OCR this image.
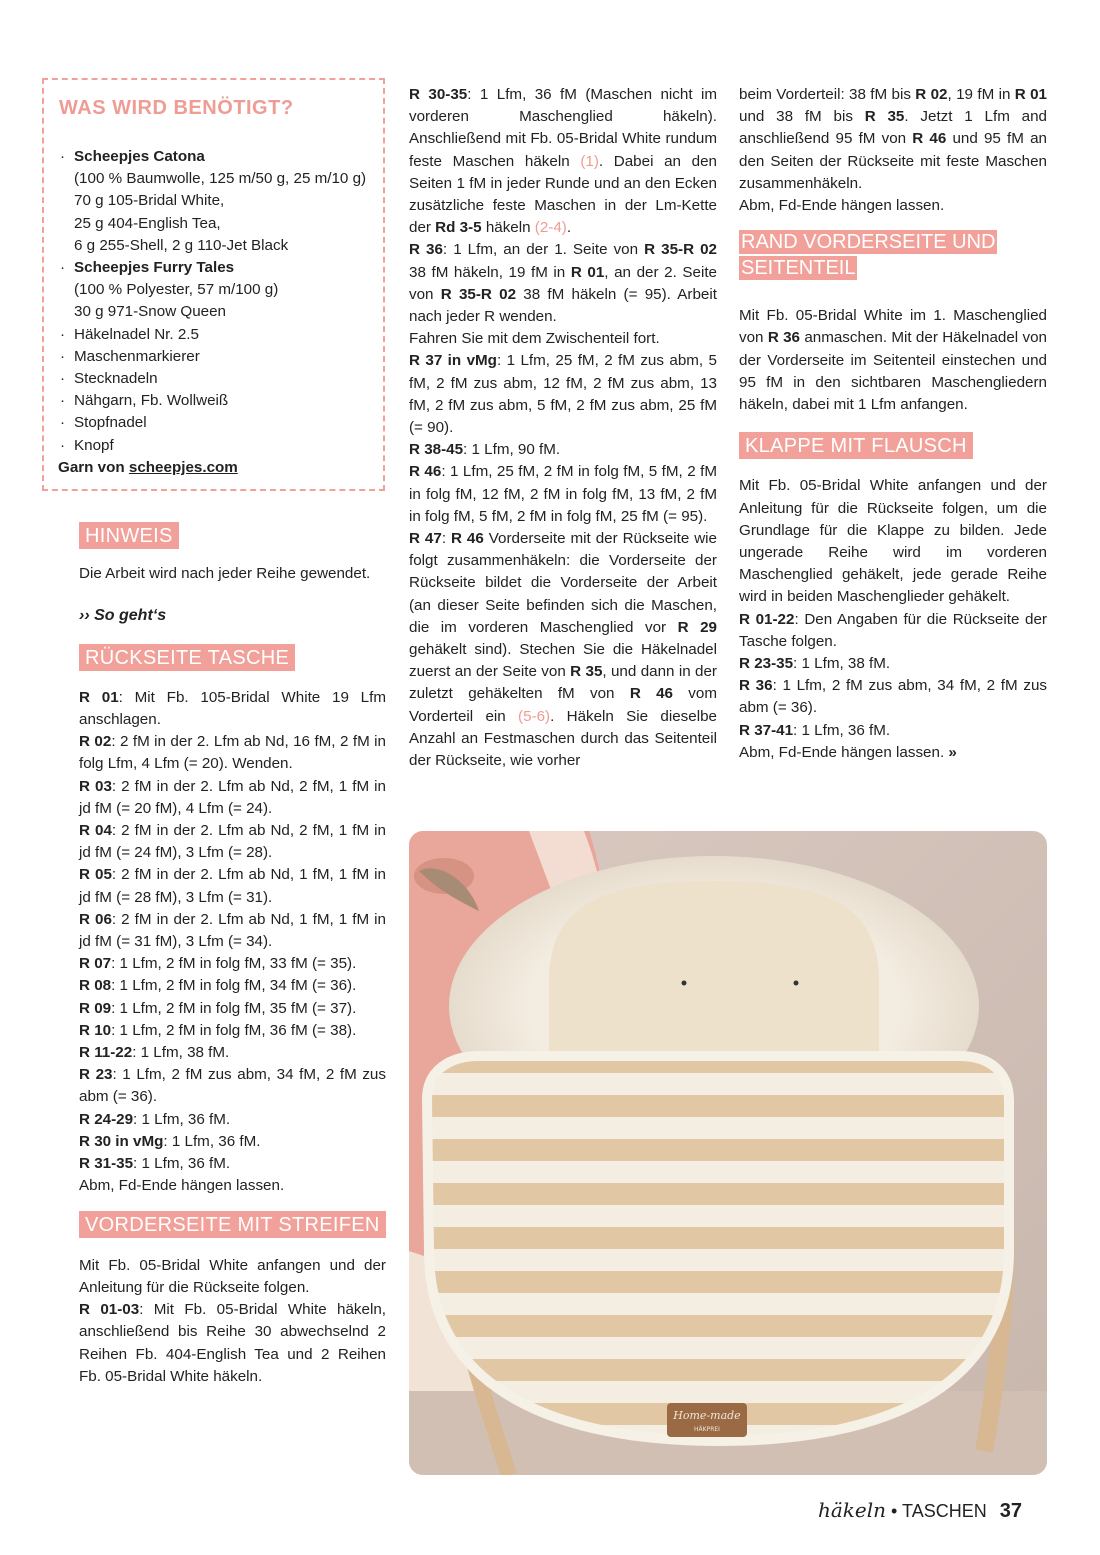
WAS WIRD BENÖTIGT?
· Scheepjes Catona
(100 % Baumwolle, 125 m/50 g, 25 m/10 g)
70 g 105-Bridal White,
25 g 404-English Tea,
6 g 255-Shell, 2 g 110-Jet Black
· Scheepjes Furry Tales
(100 % Polyester, 57 m/100 g)
30 g 971-Snow Queen
· Häkelnadel Nr. 2.5
· Maschenmarkierer
· Stecknadeln
· Nähgarn, Fb. Wollweiß
· Stopfnadel
· Knopf
Garn von scheepjes.com
HINWEIS

Die Arbeit wird nach jeder Reihe gewendet.

›› So geht‘s

RÜCKSEITE TASCHE

R 01: Mit Fb. 105-Bridal White 19 Lfm anschlagen.

R 02: 2 fM in der 2. Lfm ab Nd, 16 fM, 2 fM in folg Lfm, 4 Lfm (= 20). Wenden.

R 03: 2 fM in der 2. Lfm ab Nd, 2 fM, 1 fM in jd fM (= 20 fM), 4 Lfm (= 24).

R 04: 2 fM in der 2. Lfm ab Nd, 2 fM, 1 fM in jd fM (= 24 fM), 3 Lfm (= 28).

R 05: 2 fM in der 2. Lfm ab Nd, 1 fM, 1 fM in jd fM (= 28 fM), 3 Lfm (= 31).

R 06: 2 fM in der 2. Lfm ab Nd, 1 fM, 1 fM in jd fM (= 31 fM), 3 Lfm (= 34).

R 07: 1 Lfm, 2 fM in folg fM, 33 fM (= 35).

R 08: 1 Lfm, 2 fM in folg fM, 34 fM (= 36).

R 09: 1 Lfm, 2 fM in folg fM, 35 fM (= 37).

R 10: 1 Lfm, 2 fM in folg fM, 36 fM (= 38).

R 11-22: 1 Lfm, 38 fM.

R 23: 1 Lfm, 2 fM zus abm, 34 fM, 2 fM zus abm (= 36).

R 24-29: 1 Lfm, 36 fM.

R 30 in vMg: 1 Lfm, 36 fM.

R 31-35: 1 Lfm, 36 fM.

Abm, Fd-Ende hängen lassen.

VORDERSEITE MIT STREIFEN

Mit Fb. 05-Bridal White anfangen und der Anleitung für die Rückseite folgen.

R 01-03: Mit Fb. 05-Bridal White häkeln, anschließend bis Reihe 30 abwechselnd 2 Reihen Fb. 404-English Tea und 2 Reihen Fb. 05-Bridal White häkeln.

R 30-35: 1 Lfm, 36 fM (Maschen nicht im vorderen Maschenglied häkeln). Anschließend mit Fb. 05-Bridal White rundum feste Maschen häkeln (1). Dabei an den Seiten 1 fM in jeder Runde und an den Ecken zusätzliche feste Maschen in der Lm-Kette der Rd 3-5 häkeln (2-4).

R 36: 1 Lfm, an der 1. Seite von R 35-R 02 38 fM häkeln, 19 fM in R 01, an der 2. Seite von R 35-R 02 38 fM häkeln (= 95). Arbeit nach jeder R wenden.

Fahren Sie mit dem Zwischenteil fort.

R 37 in vMg: 1 Lfm, 25 fM, 2 fM zus abm, 5 fM, 2 fM zus abm, 12 fM, 2 fM zus abm, 13 fM, 2 fM zus abm, 5 fM, 2 fM zus abm, 25 fM (= 90).

R 38-45: 1 Lfm, 90 fM.

R 46: 1 Lfm, 25 fM, 2 fM in folg fM, 5 fM, 2 fM in folg fM, 12 fM, 2 fM in folg fM, 13 fM, 2 fM in folg fM, 5 fM, 2 fM in folg fM, 25 fM (= 95).

R 47: R 46 Vorderseite mit der Rückseite wie folgt zusammenhäkeln: die Vorderseite der Rückseite bildet die Vorderseite der Arbeit (an dieser Seite befinden sich die Maschen, die im vorderen Maschenglied vor R 29 gehäkelt sind). Stechen Sie die Häkelnadel zuerst an der Seite von R 35, und dann in der zuletzt gehäkelten fM von R 46 vom Vorderteil ein (5-6). Häkeln Sie dieselbe Anzahl an Festmaschen durch das Seitenteil der Rückseite, wie vorher

beim Vorderteil: 38 fM bis R 02, 19 fM in R 01 und 38 fM bis R 35. Jetzt 1 Lfm and anschließend 95 fM von R 46 und 95 fM an den Seiten der Rückseite mit feste Maschen zusammenhäkeln.

Abm, Fd-Ende hängen lassen.

RAND VORDERSEITE UND SEITENTEIL

Mit Fb. 05-Bridal White im 1. Maschenglied von R 36 anmaschen. Mit der Häkelnadel von der Vorderseite im Seitenteil einstechen und 95 fM in den sichtbaren Maschengliedern häkeln, dabei mit 1 Lfm anfangen.

KLAPPE MIT FLAUSCH

Mit Fb. 05-Bridal White anfangen und der Anleitung für die Rückseite folgen, um die Grundlage für die Klappe zu bilden. Jede ungerade Reihe wird im vorderen Maschenglied gehäkelt, jede gerade Reihe wird in beiden Maschenglieder gehäkelt.

R 01-22: Den Angaben für die Rückseite der Tasche folgen.

R 23-35: 1 Lfm, 38 fM.

R 36: 1 Lfm, 2 fM zus abm, 34 fM, 2 fM zus abm (= 36).

R 37-41: 1 Lfm, 36 fM.

Abm, Fd-Ende hängen lassen. »

Home-made
HÄKPREI
häkeln • TASCHEN 37
